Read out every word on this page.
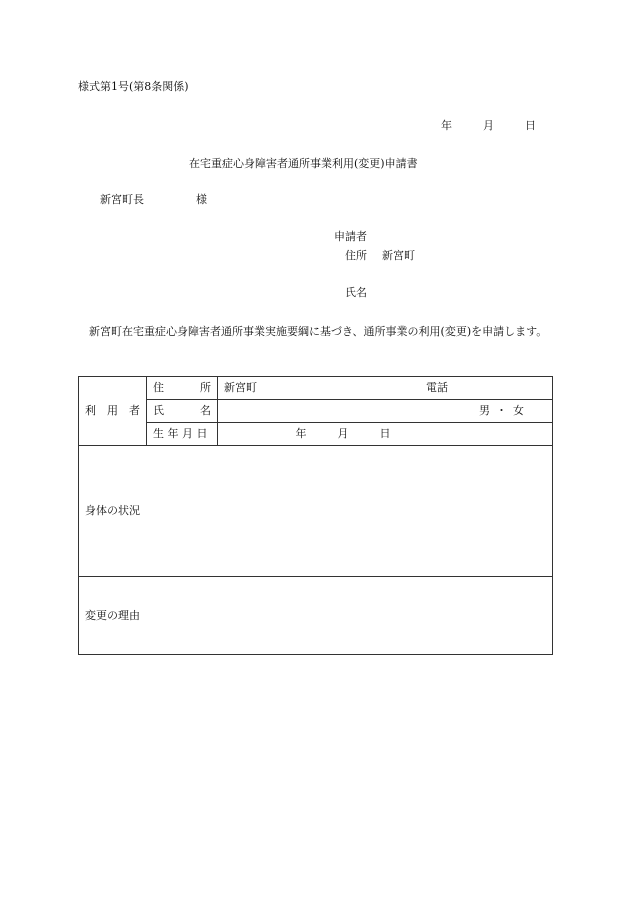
様式第1号(第8条関係)
年	月	日
在宅重症心身障害者通所事業利用(変更)申請書
新宮町長	様
申請者
住所 新宮町
氏名
新宮町在宅重症心身障害者通所事業実施要綱に基づき、通所事業の利用(変更)を申請します。
利 用 者	住 所	新宮町 電話

	氏 名	男 ・ 女

	生 年 月 日	年 月 日
身体の状況		
変更の理由		
